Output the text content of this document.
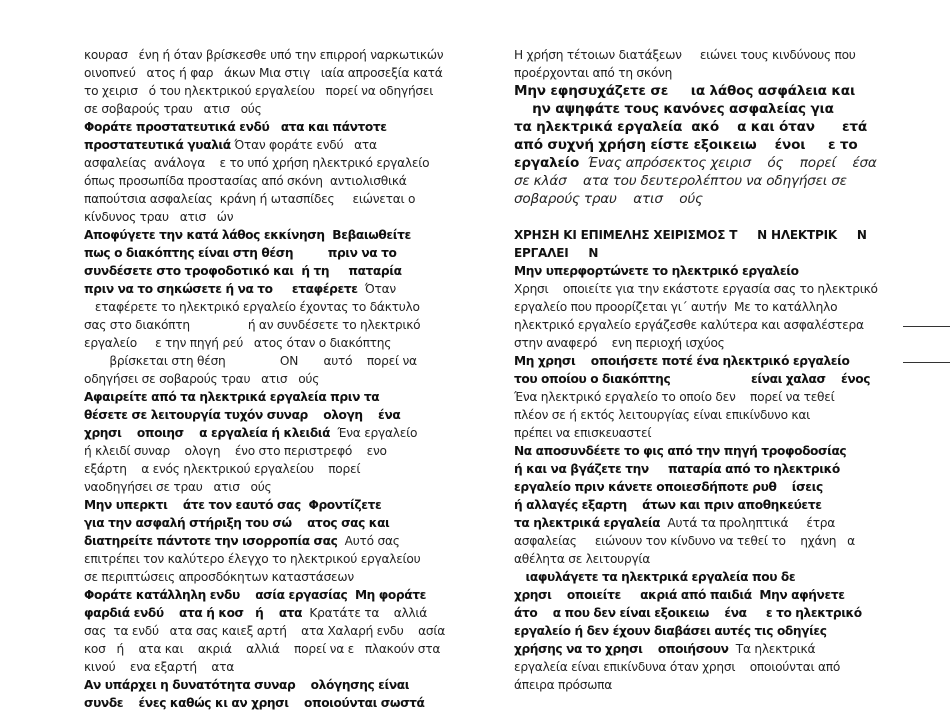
κουρασ   ένη ή όταν βρίσκεσθε υπό την επιρροή ναρκωτικών
οινοπνεύ   ατος ή φαρ   άκων Μια στιγ   ιαία απροσεξία κατά
το χειρισ   ό του ηλεκτρικού εργαλείου   πορεί να οδηγήσει
σε σοβαρούς τραυ   ατισ   ούς
Φοράτε προστατευτικά ενδύ   ατα και πάντοτε
προστατευτικά γυαλιά Όταν φοράτε ενδύ   ατα
ασφαλείας  ανάλογα    ε το υπό χρήση ηλεκτρικό εργαλείο
όπως προσωπίδα προστασίας από σκόνη  αντιολισθικά
παπούτσια ασφαλείας  κράνη ή ωτασπίδες     ειώνεται ο
κίνδυνος τραυ   ατισ   ών
Αποφύγετε την κατά λάθος εκκίνηση  Βεβαιωθείτε
πως ο διακόπτης είναι στη θέση         πριν να το
συνδέσετε στο τροφοδοτικό και  ή τη     παταρία
πριν να το σηκώσετε ή να το     εταφέρετε  Όταν
εταφέρετε το ηλεκτρικό εργαλείο έχοντας το δάκτυλο
σας στο διακόπτη                ή αν συνδέσετε το ηλεκτρικό
εργαλείο     ε την πηγή ρεύ   ατος όταν ο διακόπτης
βρίσκεται στη θέση               ON       αυτό    πορεί να
οδηγήσει σε σοβαρούς τραυ   ατισ   ούς
Αφαιρείτε από τα ηλεκτρικά εργαλεία πριν τα
θέσετε σε λειτουργία τυχόν συναρ    ολογη    ένα
χρησι    οποιησ    α εργαλεία ή κλειδιά  Ένα εργαλείο
ή κλειδί συναρ    ολογη    ένο στο περιστρεφό    ενο
εξάρτη    α ενός ηλεκτρικού εργαλείου    πορεί
ναοδηγήσει σε τραυ   ατισ   ούς
Μην υπερκτι    άτε τον εαυτό σας  Φροντίζετε
για την ασφαλή στήριξη του σώ    ατος σας και
διατηρείτε πάντοτε την ισορροπία σας  Αυτό σας
επιτρέπει τον καλύτερο έλεγχο το ηλεκτρικού εργαλείου
σε περιπτώσεις απροσδόκητων καταστάσεων
Φοράτε κατάλληλη ενδυ    ασία εργασίας  Μη φοράτε
φαρδιά ενδύ    ατα ή κοσ   ή    ατα  Κρατάτε τα    αλλιά
σας  τα ενδύ   ατα σας καιεξ αρτή    ατα Χαλαρή ενδυ    ασία
κοσ   ή    ατα και    ακριά    αλλιά    πορεί να ε   πλακούν στα
κινού    ενα εξαρτή    ατα
Αν υπάρχει η δυνατότητα συναρ    ολόγησης είναι
συνδε    ένες καθώς κι αν χρησι    οποιούνται σωστά
Η χρήση τέτοιων διατάξεων     ειώνει τους κινδύνους που
προέρχονται από τη σκόνη
Μην εφησυχάζετε σε     ια λάθος ασφάλεια και
ην αψηφάτε τους κανόνες ασφαλείας για
τα ηλεκτρικά εργαλεία  ακό    α και όταν      ετά
από συχνή χρήση είστε εξοικειω    ένοι     ε το
εργαλείο  Ένας απρόσεκτος χειρισ    ός    πορεί    έσα
σε κλάσ    ατα του δευτερολέπτου να οδηγήσει σε
σοβαρούς τραυ    ατισ    ούς
ΧΡΗΣΗ ΚΙ ΕΠΙΜΕΛΗΣ ΧΕΙΡΙΣΜΟΣ Τ     Ν ΗΛΕΚΤΡΙΚ     Ν
ΕΡΓΑΛΕΙ     Ν
Μην υπερφορτώνετε το ηλεκτρικό εργαλείο
Χρησι    οποιείτε για την εκάστοτε εργασία σας το ηλεκτρικό
εργαλείο που προορίζεται γι΄ αυτήν  Με το κατάλληλο
ηλεκτρικό εργαλείο εργάζεσθε καλύτερα και ασφαλέστερα
στην αναφερό    ενη περιοχή ισχύος
Μη χρησι    οποιήσετε ποτέ ένα ηλεκτρικό εργαλείο
του οποίου ο διακόπτης                     είναι χαλασ    ένος
Ένα ηλεκτρικό εργαλείο το οποίο δεν    πορεί να τεθεί
πλέον σε ή εκτός λειτουργίας είναι επικίνδυνο και
πρέπει να επισκευαστεί
Να αποσυνδέετε το φις από την πηγή τροφοδοσίας
ή και να βγάζετε την     παταρία από το ηλεκτρικό
εργαλείο πριν κάνετε οποιεσδήποτε ρυθ    ίσεις
ή αλλαγές εξαρτη    άτων και πριν αποθηκεύετε
τα ηλεκτρικά εργαλεία  Αυτά τα προληπτικά     έτρα
ασφαλείας     ειώνουν τον κίνδυνο να τεθεί το    ηχάνη   α
αθέλητα σε λειτουργία
ιαφυλάγετε τα ηλεκτρικά εργαλεία που δε
χρησι    οποιείτε     ακριά από παιδιά  Μην αφήνετε
άτο    α που δεν είναι εξοικειω    ένα     ε το ηλεκτρικό
εργαλείο ή δεν έχουν διαβάσει αυτές τις οδηγίες
χρήσης να το χρησι    οποιήσουν  Τα ηλεκτρικά
εργαλεία είναι επικίνδυνα όταν χρησι    οποιούνται από
άπειρα πρόσωπα
